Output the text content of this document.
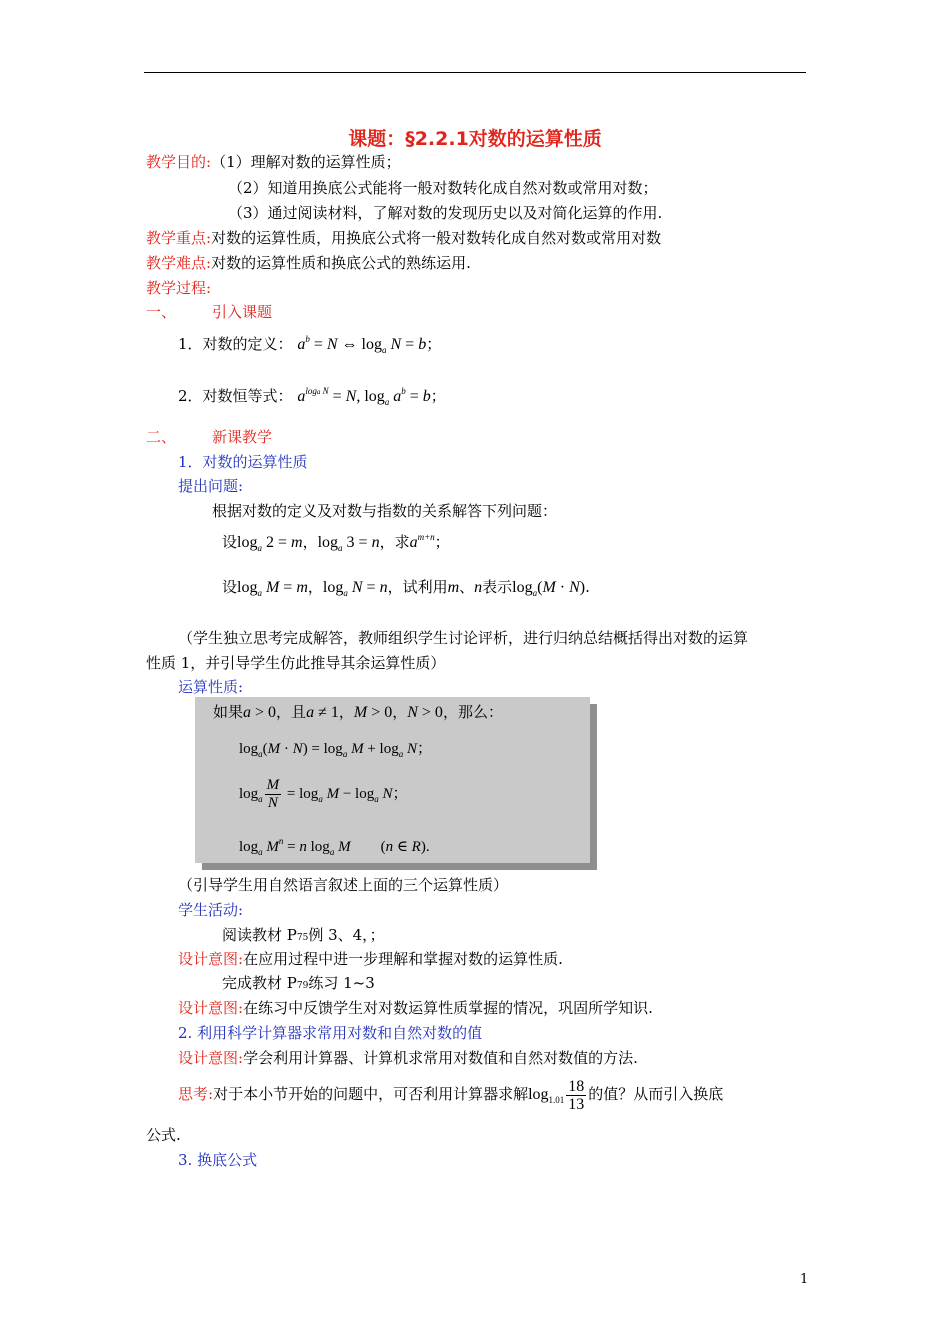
课题：§2.2.1对数的运算性质
教学目的:（1）理解对数的运算性质；
（2）知道用换底公式能将一般对数转化成自然对数或常用对数；
（3）通过阅读材料，了解对数的发现历史以及对简化运算的作用.
教学重点:对数的运算性质，用换底公式将一般对数转化成自然对数或常用对数
教学难点:对数的运算性质和换底公式的熟练运用.
教学过程:
一、 引入课题
1．对数的定义： $a^b = N$ ⇔ $\log_a N = b$；
2．对数恒等式： $a^{loga N} = N$, $\log_a a^b = b$；
二、 新课教学
1．对数的运算性质
提出问题:
根据对数的定义及对数与指数的关系解答下列问题：
设$\log_a 2 = m$，$\log_a 3 = n$，求$a^{m+n}$；
设$\log_a M = m$，$\log_a N = n$，试利用m、n表示$\log_a(M \cdot N)$.
（学生独立思考完成解答，教师组织学生讨论评析，进行归纳总结概括得出对数的运算
性质 1，并引导学生仿此推导其余运算性质）
运算性质:
如果a > 0，且a ≠ 1，M > 0，N > 0，那么：
$\log_a(M \cdot N) = \log_a M + \log_a N$；
$\log_a \frac{M}{N} = \log_a M - \log_a N$；
$\log_a M^n = n$ $\log_a M$　　(n ∈ R).
（引导学生用自然语言叙述上面的三个运算性质）
学生活动:
阅读教材 P75例 3、4，；
设计意图:在应用过程中进一步理解和掌握对数的运算性质.
完成教材 P79练习 1~3
设计意图:在练习中反馈学生对对数运算性质掌握的情况，巩固所学知识.
2. 利用科学计算器求常用对数和自然对数的值
设计意图:学会利用计算器、计算机求常用对数值和自然对数值的方法.
思考:对于本小节开始的问题中，可否利用计算器求解$\log_{1.01} \frac{18}{13}$ 的值？从而引入换底
公式.
3. 换底公式
1
